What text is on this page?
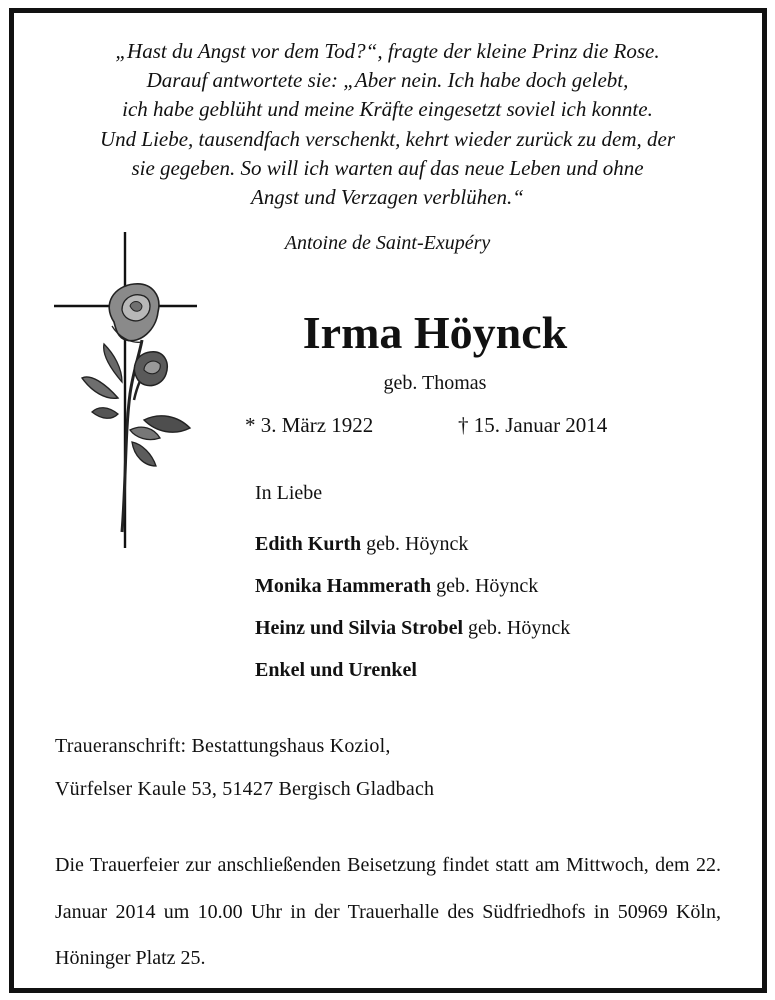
„Hast du Angst vor dem Tod?“, fragte der kleine Prinz die Rose.
Darauf antwortete sie: „Aber nein. Ich habe doch gelebt,
ich habe geblüht und meine Kräfte eingesetzt soviel ich konnte.
Und Liebe, tausendfach verschenkt, kehrt wieder zurück zu dem, der
sie gegeben. So will ich warten auf das neue Leben und ohne
Angst und Verzagen verblühen.“
Antoine de Saint-Exupéry
Irma Höynck
geb. Thomas
* 3. März 1922	† 15. Januar 2014
In Liebe
Edith Kurth geb. Höynck
Monika Hammerath geb. Höynck
Heinz und Silvia Strobel geb. Höynck
Enkel und Urenkel
Traueranschrift: Bestattungshaus Koziol,
Vürfelser Kaule 53, 51427 Bergisch Gladbach

Die Trauerfeier zur anschließenden Beisetzung findet statt am Mittwoch, dem 22. Januar 2014 um 10.00 Uhr in der Trauerhalle des Südfriedhofs in 50969 Köln, Höninger Platz 25.
